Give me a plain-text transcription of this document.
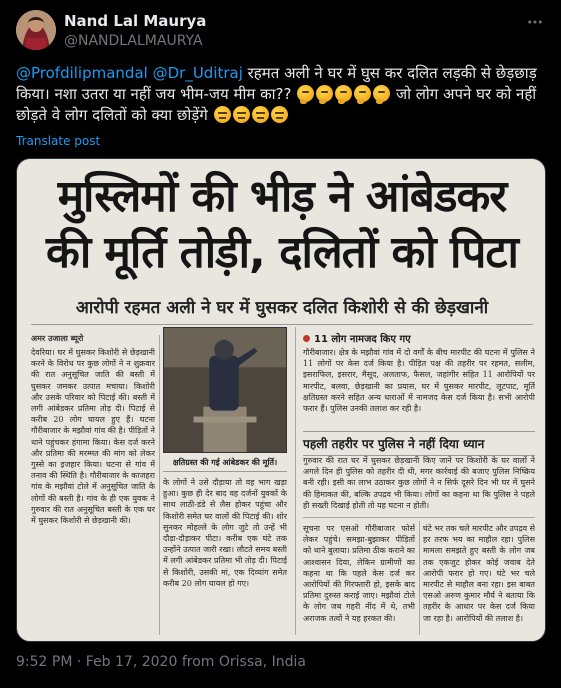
Nand Lal Maurya
@NANDLALMAURYA
@Profdilipmandal @Dr_Uditraj रहमत अली ने घर में घुस कर दलित लड़की से छेड़छाड़ किया। नशा उतरा या नहीं जय भीम-जय मीम का??	जो लोग अपने घर को नहीं छोड़ते वे लोग दलितों को क्या छोड़ेंगे
Translate post
मुस्लिमों की भीड़ ने आंबेडकर की मूर्ति तोड़ी, दलितों को पिटा
आरोपी रहमत अली ने घर में घुसकर दलित किशोरी से की छेड़खानी
अमर उजाला ब्यूरो
देवरिया। घर में घुसकर किशोरी से छेड़खानी करने के विरोध पर कुछ लोगों ने न शुक्रवार की रात अनुसूचित जाति की बस्ती में घुसकर जमकर उत्पात मचाया। किशोरी और उसके परिवार को पिटाई की। बस्ती में लगी आंबेडकर प्रतिमा तोड़ दी। पिटाई से करीब 20 लोग घायल हुए हैं। घटना गौरीबाजार के मझौवां गांव की है। पीड़ितों ने थाने पहुंचकर हंगामा किया। केस दर्ज करने और प्रतिमा की मरम्मत की मांग को लेकर गुस्से का इजहार किया। घटना से गांव में तनाव की स्थिति है। गौरीबाजार के काजहरा गांव के मझौवां टोले में अनुसूचित जाति के लोगों की बस्ती है। गांव के ही एक युवक ने गुरुवार की रात अनुसूचित बस्ती के एक घर में घुसकर किशोरी से छेड़खानी की।
क्षतिग्रस्त की गई आंबेडकर की मूर्ति।
के लोगों ने उसे दौड़ाया तो वह भाग खड़ा हुआ। कुछ ही देर बाद वह दर्जनों युवकों के साथ लाठी-डंडे से लैस होकर पहुंचा और किशोरी समेत घर वालों की पिटाई की। शोर सुनकर मोहल्ले के लोग जुटे तो उन्हें भी दौड़ा-दौड़ाकर पीटा। करीब एक घंटे तक उन्होंने उत्पात जारी रखा। लौटते समय बस्ती में लगी आंबेडकर प्रतिमा भी तोड़ दी। पिटाई से किशोरी, उसकी मां, एक दिव्यांग समेत करीब 20 लोग घायल हो गए।
11 लोग नामजद किए गए
गौरीबाजार। क्षेत्र के मझौवां गांव में दो वर्गों के बीच मारपीट की घटना में पुलिस ने 11 लोगों पर केस दर्ज किया है। पीड़ित पक्ष की तहरीर पर रहमत, सलीम, इसराफिल, इसरार, मैसूद, अलताफ, फैसल, जहांगीर सहित 11 आरोपियों पर मारपीट, बलवा, छेड़खानी का प्रयास, घर में घुसकर मारपीट, लूटपाट, मूर्ति क्षतिग्रस्त करने सहित अन्य धाराओं में नामजद केस दर्ज किया है। सभी आरोपी फरार हैं। पुलिस उनकी तलाश कर रही है।
पहली तहरीर पर पुलिस ने नहीं दिया ध्यान
गुरुवार की रात घर में घुसकर छेड़खानी किए जाने पर किशोरी के घर वालों ने अगले दिन ही पुलिस को तहरीर दी थी, मगर कार्रवाई की बजाए पुलिस निष्क्रिय बनी रही। इसी का लाभ उठाकर कुछ लोगों ने न सिर्फ दूसरे दिन भी घर में घुसने की हिमाकत की, बल्कि उपद्रव भी किया। लोगों का कहना था कि पुलिस ने पहले ही सख्ती दिखाई होती तो यह घटना न होती।
सूचना पर एसओ गौरीबाजार फोर्स लेकर पहुंचे। समझा-बुझाकर पीड़ितों को थाने बुलाया। प्रतिमा ठीक कराने का आश्वासन दिया, लेकिन ग्रामीणों का कहना था कि पहले केस दर्ज कर आरोपियों की गिरफ्तारी हो, इसके बाद प्रतिमा दुरुस्त कराई जाए। मझौवां टोले के लोग जब गहरी नींद में थे, तभी अराजक तत्वों ने यह हरकत की।
घंटे भर तक चले मारपीट और उपद्रव से हर तरफ भय का माहौल रहा। पुलिस मामला समझते हुए बस्ती के लोग जब तक एकजुट होकर कोई जवाब देते आरोपी फरार हो गए। घंटे भर चले मारपीट से माहौल बना रहा। इस बाबत एसओ अरुण कुमार मौर्य ने बताया कि तहरीर के आधार पर केस दर्ज किया जा रहा है। आरोपियों की तलाश है।
9:52 PM · Feb 17, 2020 from Orissa, India
